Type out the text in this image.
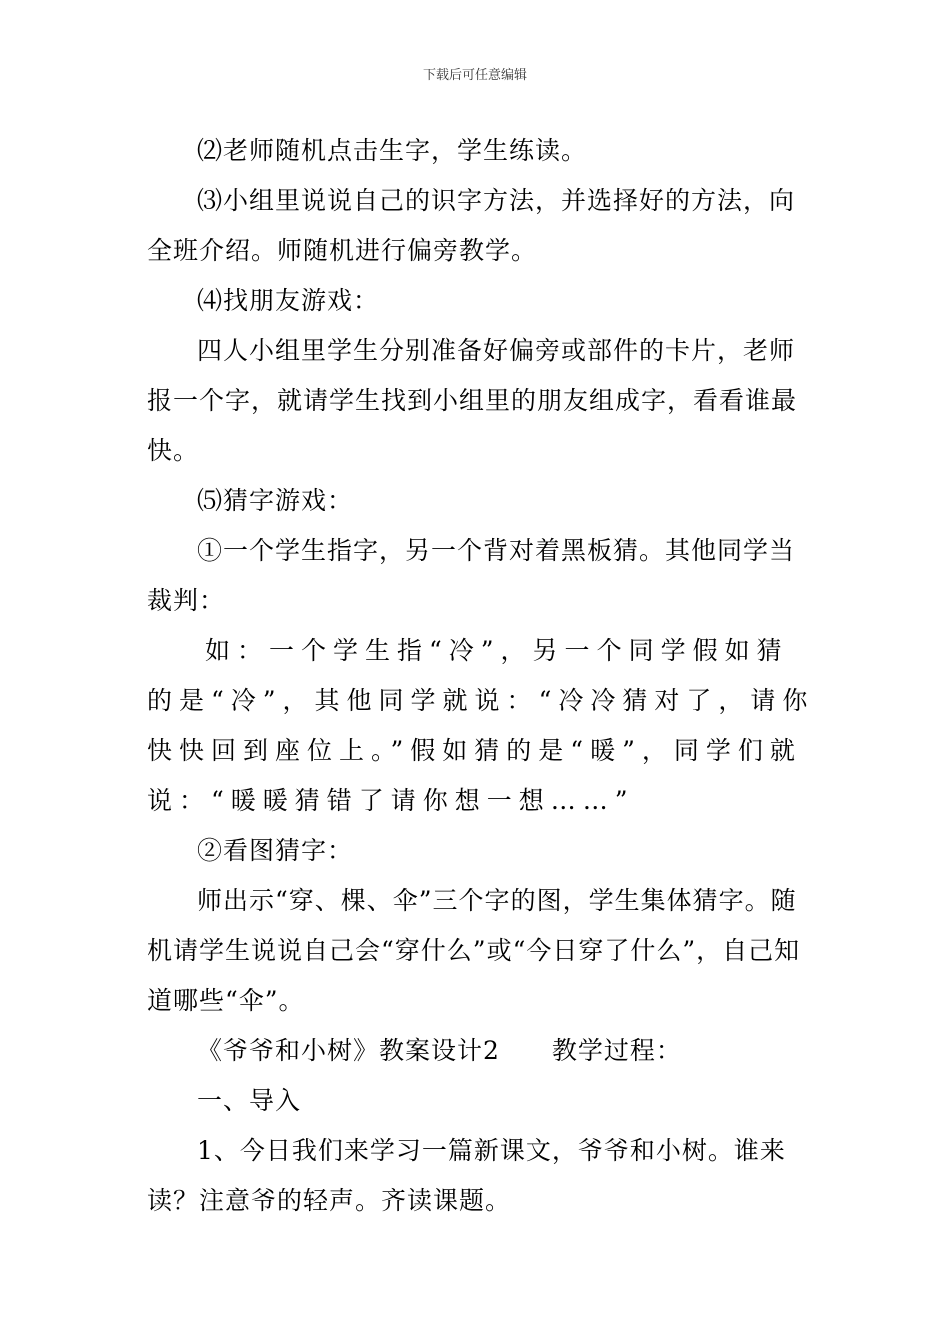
下载后可任意编辑

⑵老师随机点击生字，学生练读。

⑶小组里说说自己的识字方法，并选择好的方法，向全班介绍。师随机进行偏旁教学。

⑷找朋友游戏：

四人小组里学生分别准备好偏旁或部件的卡片，老师报一个字，就请学生找到小组里的朋友组成字，看看谁最快。

⑸猜字游戏：

①一个学生指字，另一个背对着黑板猜。其他同学当裁判：

如：一个学生指“冷”，另一个同学假如猜的是“冷”，其他同学就说：“冷冷猜对了，请你快快回到座位上。”假如猜的是“暖”，同学们就说：“暖暖猜错了请你想一想……”

②看图猜字：

师出示“穿、棵、伞”三个字的图，学生集体猜字。随机请学生说说自己会“穿什么”或“今日穿了什么”，自己知道哪些“伞”。

《爷爷和小树》教案设计2　　教学过程：

一、导入

1、今日我们来学习一篇新课文，爷爷和小树。谁来读？注意爷的轻声。齐读课题。
